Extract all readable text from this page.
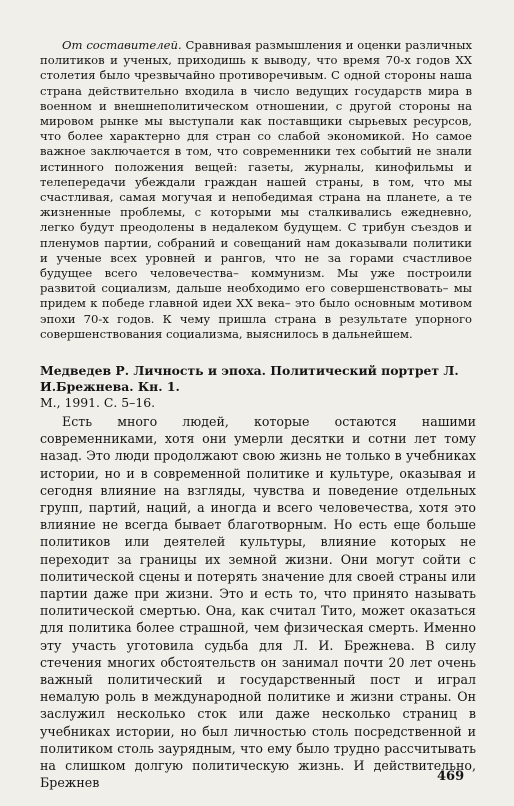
От составителей. Сравнивая размышления и оценки различных политиков и ученых, приходишь к выводу, что время 70-х годов XX столетия было чрезвычайно противоречивым. С одной стороны наша страна действительно входила в число ведущих государств мира в военном и внешнеполитическом отношении, с другой стороны на мировом рынке мы выступали как поставщики сырьевых ресурсов, что более характерно для стран со слабой экономикой. Но самое важное заключается в том, что современники тех событий не знали истинного положения вещей: газеты, журналы, кинофильмы и телепередачи убеждали граждан нашей страны, в том, что мы счастливая, самая могучая и непобедимая страна на планете, а те жизненные проблемы, с которыми мы сталкивались ежедневно, легко будут преодолены в недалеком будущем. С трибун съездов и пленумов партии, собраний и совещаний нам доказывали политики и ученые всех уровней и рангов, что не за горами счастливое будущее всего человечества– коммунизм. Мы уже построили развитой социализм, дальше необходимо его совершенствовать– мы придем к победе главной идеи XX века– это было основным мотивом эпохи 70-х годов. К чему пришла страна в результате упорного совершенствования социализма, выяснилось в дальнейшем.

Медведев Р. Личность и эпоха. Политический портрет Л. И.Брежнева. Кн. 1.
М., 1991. С. 5–16.

Есть много людей, которые остаются нашими современниками, хотя они умерли десятки и сотни лет тому назад. Это люди продолжают свою жизнь не только в учебниках истории, но и в современной политике и культуре, оказывая и сегодня влияние на взгляды, чувства и поведение отдельных групп, партий, наций, а иногда и всего человечества, хотя это влияние не всегда бывает благотворным. Но есть еще больше политиков или деятелей культуры, влияние которых не переходит за границы их земной жизни. Они могут сойти с политической сцены и потерять значение для своей страны или партии даже при жизни. Это и есть то, что принято называть политической смертью. Она, как считал Тито, может оказаться для политика более страшной, чем физическая смерть. Именно эту участь уготовила судьба для Л. И. Брежнева. В силу стечения многих обстоятельств он занимал почти 20 лет очень важный политический и государственный пост и играл немалую роль в международной политике и жизни страны. Он заслужил несколько сток или даже несколько страниц в учебниках истории, но был личностью столь посредственной и политиком столь заурядным, что ему было трудно рассчитывать на слишком долгую политическую жизнь. И действительно, Брежнев	469
